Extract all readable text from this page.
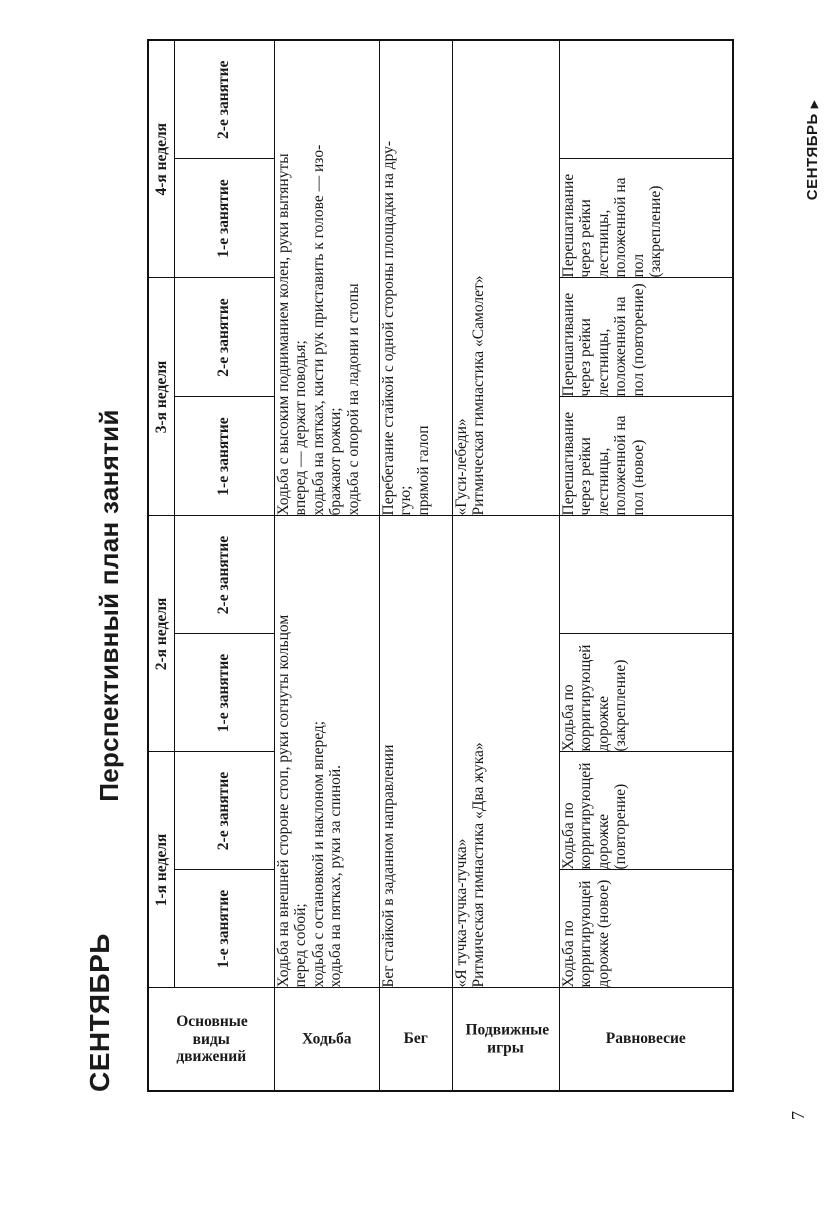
СЕНТЯБРЬ
Перспективный план занятий
Основные виды движений	1-я неделя		2-я неделя		3-я неделя		4-я неделя	
	1-е занятие	2-е занятие	1-е занятие	2-е занятие	1-е занятие	2-е занятие	1-е занятие	2-е занятие
Ходьба	Ходьба на внешней стороне стоп, руки согнуты кольцом перед собой; ходьба с остановкой и наклоном вперед; ходьба на пятках, руки за спиной.				Ходьба с высоким подниманием колен, руки вытянуты вперед — держат поводья; ходьба на пятках, кисти рук приставить к голове — изо- бражают рожки; ходьба с опорой на ладони и стопы			

Бег	Бег стайкой в заданном направлении				Перебегание стайкой с одной стороны площадки на дру- гую; прямой галоп			

Подвижные игры	«Я тучка-тучка-тучка» Ритмическая гимнастика «Два жука»				«Гуси-лебеди» Ритмическая гимнастика «Самолет»			

Равновесие	Ходьба по корригирующей дорожке (новое)	Ходьба по корригирующей дорожке (повторение)	Ходьба по корригирующей дорожке (закрепление)		Перешагивание через рейки лестницы, положенной на пол (новое)	Перешагивание через рейки лестницы, положенной на пол (повторение)	Перешагивание через рейки лестницы, положенной на пол (закрепление)	

СЕНТЯБРЬ▶
7
